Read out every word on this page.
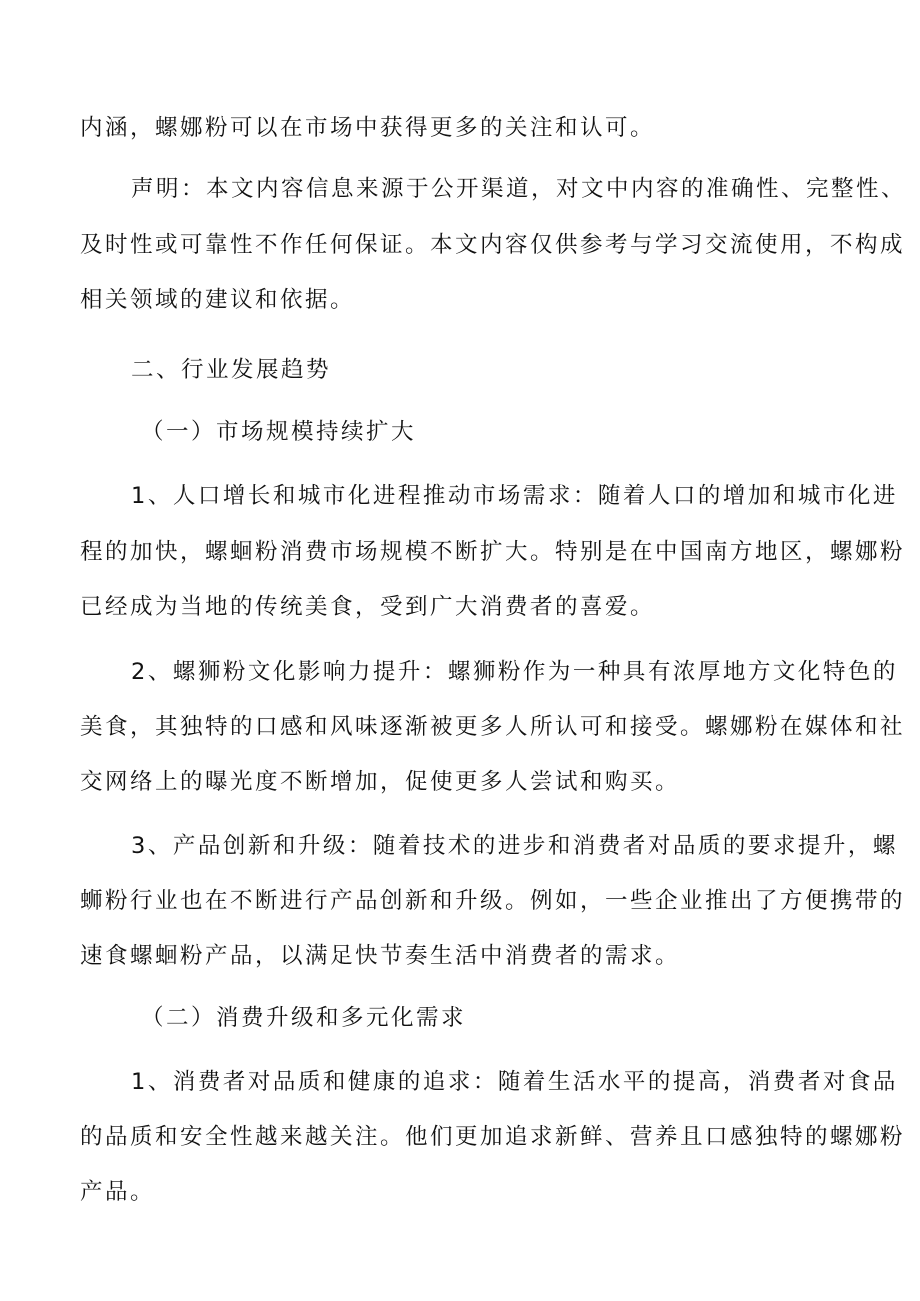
内涵，螺娜粉可以在市场中获得更多的关注和认可。
声明：本文内容信息来源于公开渠道，对文中内容的准确性、完整性、
及时性或可靠性不作任何保证。本文内容仅供参考与学习交流使用，不构成
相关领域的建议和依据。
二、行业发展趋势
（一）市场规模持续扩大
1、人口增长和城市化进程推动市场需求：随着人口的增加和城市化进
程的加快，螺蛔粉消费市场规模不断扩大。特别是在中国南方地区，螺娜粉
已经成为当地的传统美食，受到广大消费者的喜爱。
2、螺狮粉文化影响力提升：螺狮粉作为一种具有浓厚地方文化特色的
美食，其独特的口感和风味逐渐被更多人所认可和接受。螺娜粉在媒体和社
交网络上的曝光度不断增加，促使更多人尝试和购买。
3、产品创新和升级：随着技术的进步和消费者对品质的要求提升，螺
蛳粉行业也在不断进行产品创新和升级。例如，一些企业推出了方便携带的
速食螺蛔粉产品，以满足快节奏生活中消费者的需求。
（二）消费升级和多元化需求
1、消费者对品质和健康的追求：随着生活水平的提高，消费者对食品
的品质和安全性越来越关注。他们更加追求新鲜、营养且口感独特的螺娜粉
产品。
